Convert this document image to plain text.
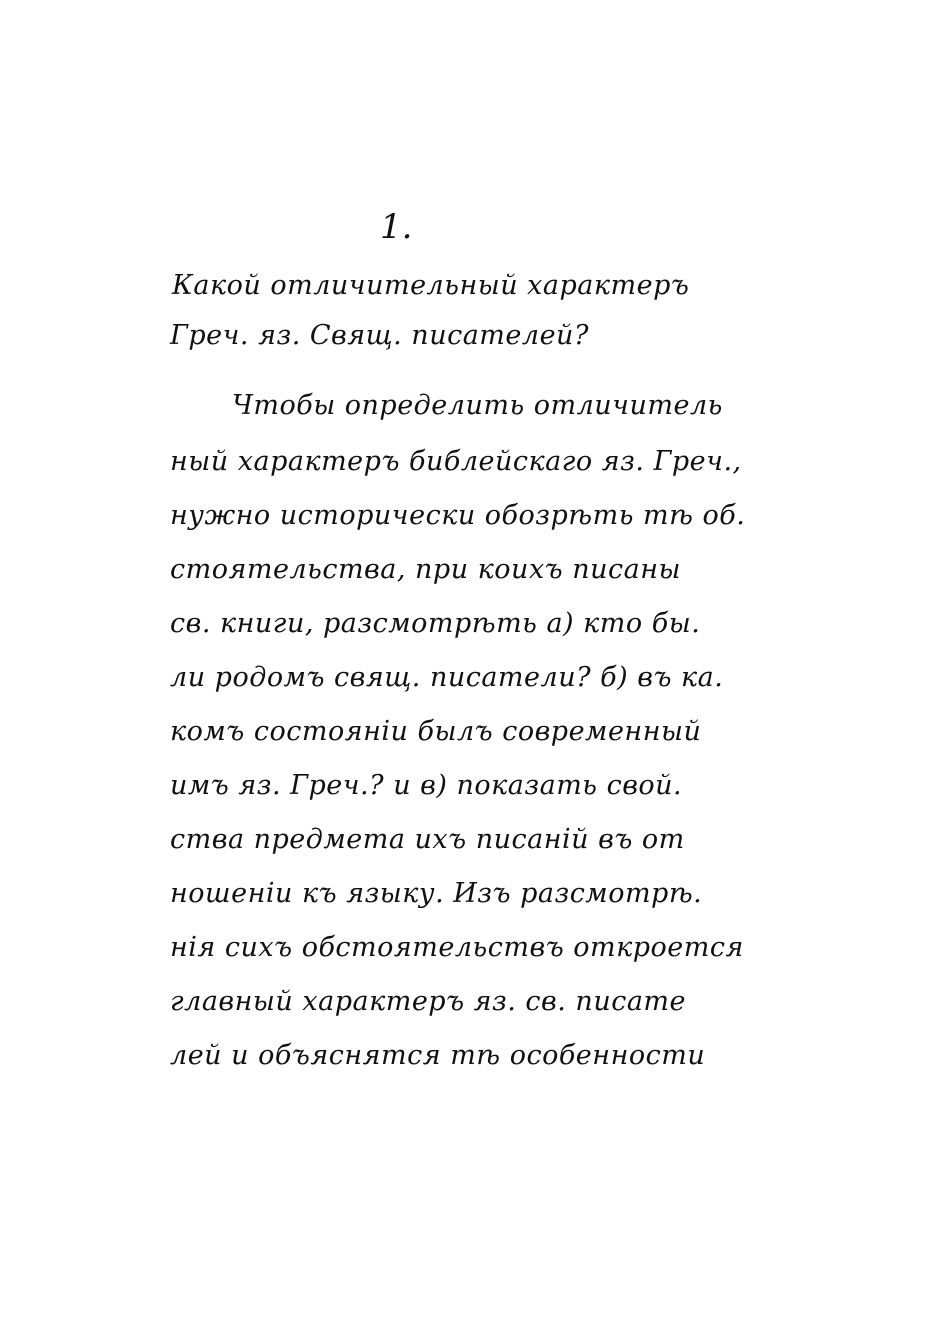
1.
Какой отличительный характеръ
Греч. яз. Свящ. писателей?
Чтобы определить отличитель
ный характеръ библейскаго яз. Греч.,
нужно исторически обозрѣть тѣ об.
стоятельства, при коихъ писаны
св. книги, разсмотрѣть а) кто бы.
ли родомъ свящ. писатели? б) въ ка.
комъ состояніи былъ современный
имъ яз. Греч.? и в) показать свой.
ства предмета ихъ писаній въ от
ношеніи къ языку. Изъ разсмотрѣ.
нія сихъ обстоятельствъ откроется
главный характеръ яз. св. писате
лей и объяснятся тѣ особенности
